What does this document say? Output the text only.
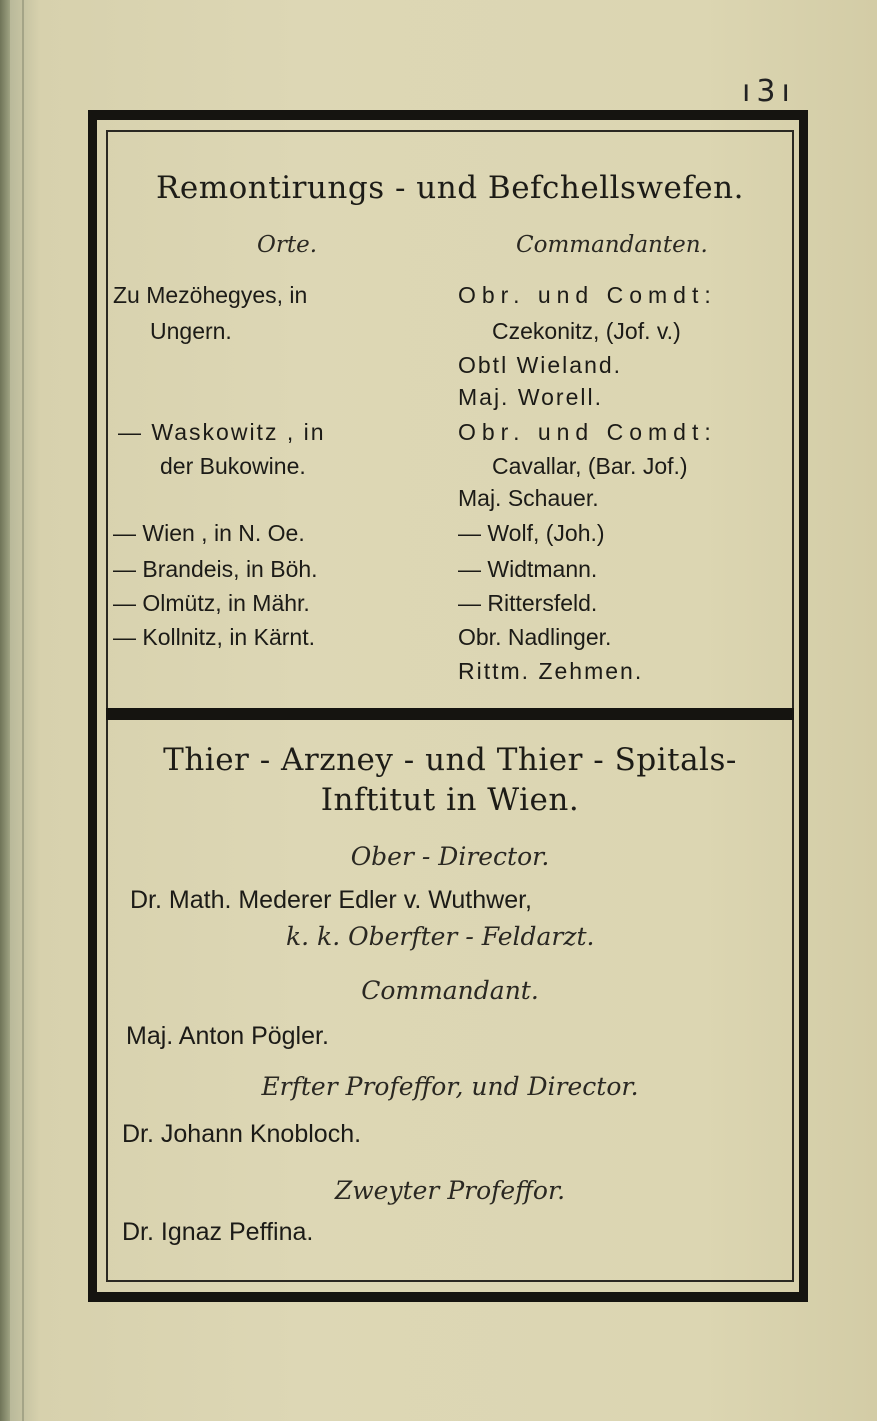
ı3ı
Remontirungs - und Befchellswefen.
Orte.	Commandanten.
Zu Mezöhegyes, in	Obr. und Comdt:
Ungern.	Czekonitz, (Jof. v.)
Obtl Wieland.
Maj. Worell.
— Waskowitz , in	Obr. und Comdt:
der Bukowine.	Cavallar, (Bar. Jof.)
Maj. Schauer.
— Wien , in N. Oe.	— Wolf, (Joh.)
— Brandeis, in Böh.	— Widtmann.
— Olmütz, in Mähr.	— Rittersfeld.
— Kollnitz, in Kärnt.	Obr. Nadlinger.
Rittm. Zehmen.
Thier - Arzney - und Thier - Spitals-
Inftitut in Wien.
Ober - Director.
Dr. Math. Mederer Edler v. Wuthwer,
k. k. Oberfter - Feldarzt.
Commandant.
Maj. Anton Pögler.
Erfter Profeffor, und Director.
Dr. Johann Knobloch.
Zweyter Profeffor.
Dr. Ignaz Peffina.
